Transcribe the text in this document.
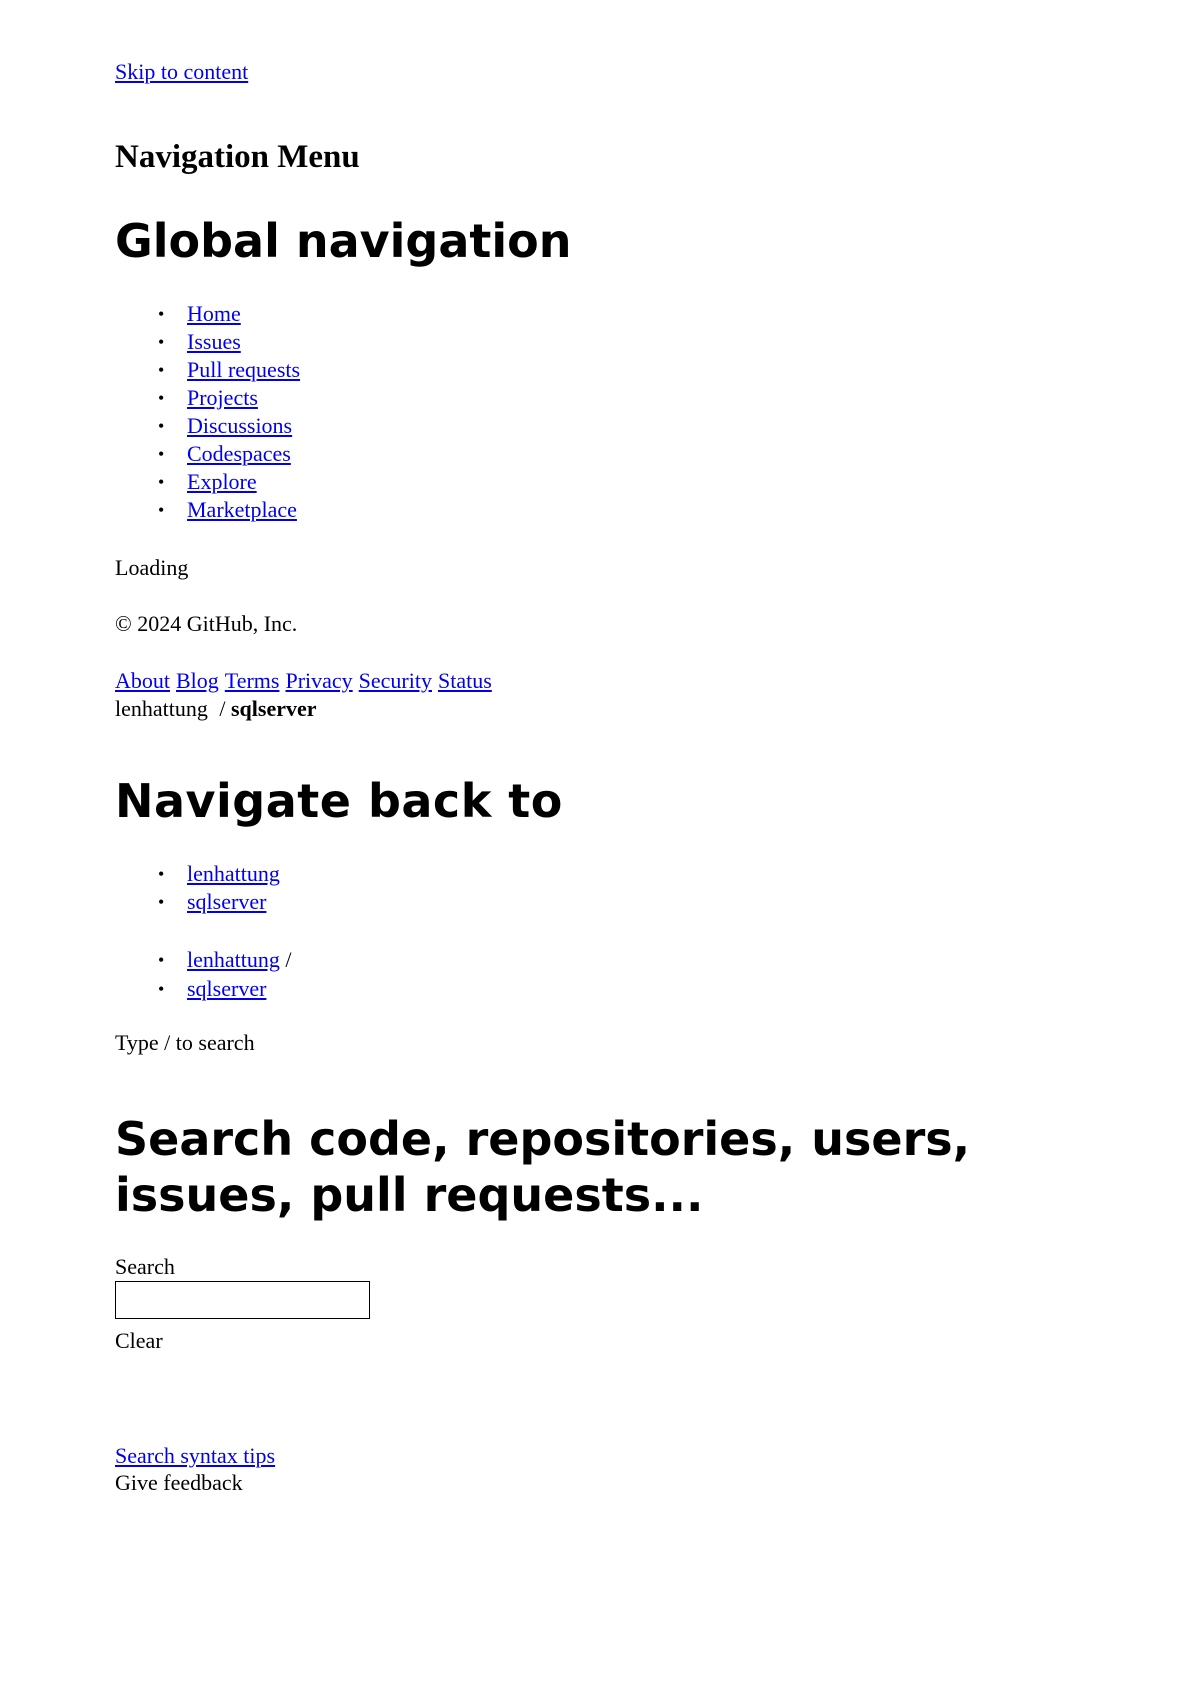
Skip to content
Navigation Menu
Global navigation
• Home
• Issues
• Pull requests
• Projects
• Discussions
• Codespaces
• Explore
• Marketplace
Loading
© 2024 GitHub, Inc.
About Blog Terms Privacy Security Status
lenhattung / sqlserver
Navigate back to
• lenhattung
• sqlserver
• lenhattung /
• sqlserver
Type / to search
Search code, repositories, users, issues, pull requests...
Search
Clear
Search syntax tips
Give feedback
